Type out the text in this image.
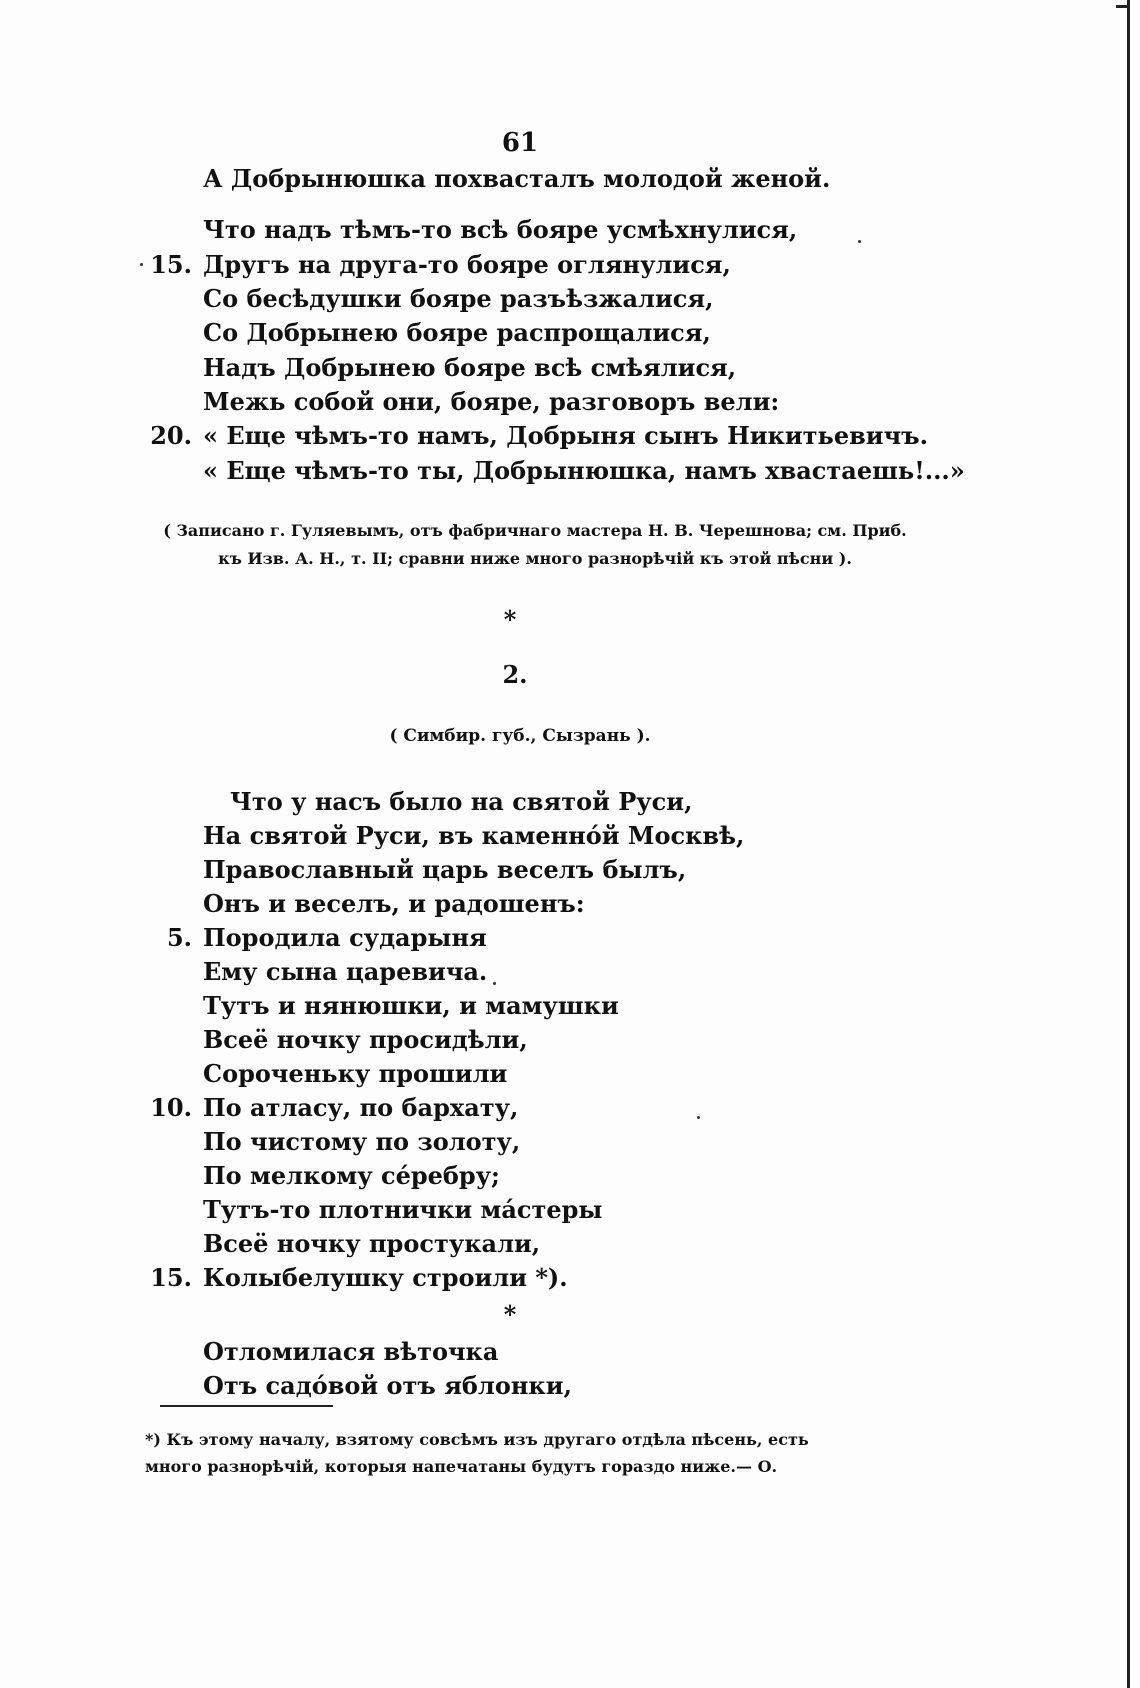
61
А Добрынюшка похвасталъ молодой женой.
Что надъ тѣмъ-то всѣ бояре усмѣхнулися,
15. Другъ на друга-то бояре оглянулися,
Со бесѣдушки бояре разъѣзжалися,
Со Добрынею бояре распрощалися,
Надъ Добрынею бояре всѣ смѣялися,
Межь собой они, бояре, разговоръ вели:
20. « Еще чѣмъ-то намъ, Добрыня сынъ Никитьевичъ.
« Еще чѣмъ-то ты, Добрынюшка, намъ хвастаешь!...»
( Записано г. Гуляевымъ, отъ фабричнаго мастера Н. В. Черешнова; см. Приб.
къ Изв. А. Н., т. II; сравни ниже много разнорѣчій къ этой пѣсни ).
*
2.
( Симбир. губ., Сызрань ).
Что у насъ было на святой Руси,
На святой Руси, въ каменнóй Москвѣ,
Православный царь веселъ былъ,
Онъ и веселъ, и радошенъ:
5. Породила сударыня
Ему сына царевича.
Тутъ и нянюшки, и мамушки
Всеё ночку просидѣли,
Сороченьку прошили
10. По атласу, по бархату,
По чистому по золоту,
По мелкому сéребру;
Тутъ-то плотнички мáстеры
Всеё ночку простукали,
15. Колыбелушку строили *).
*
Отломилася вѣточка
Отъ садóвой отъ яблонки,
*) Къ этому началу, взятому совсѣмъ изъ другаго отдѣла пѣсень, есть
много разнорѣчій, которыя напечатаны будутъ гораздо ниже.— О.
